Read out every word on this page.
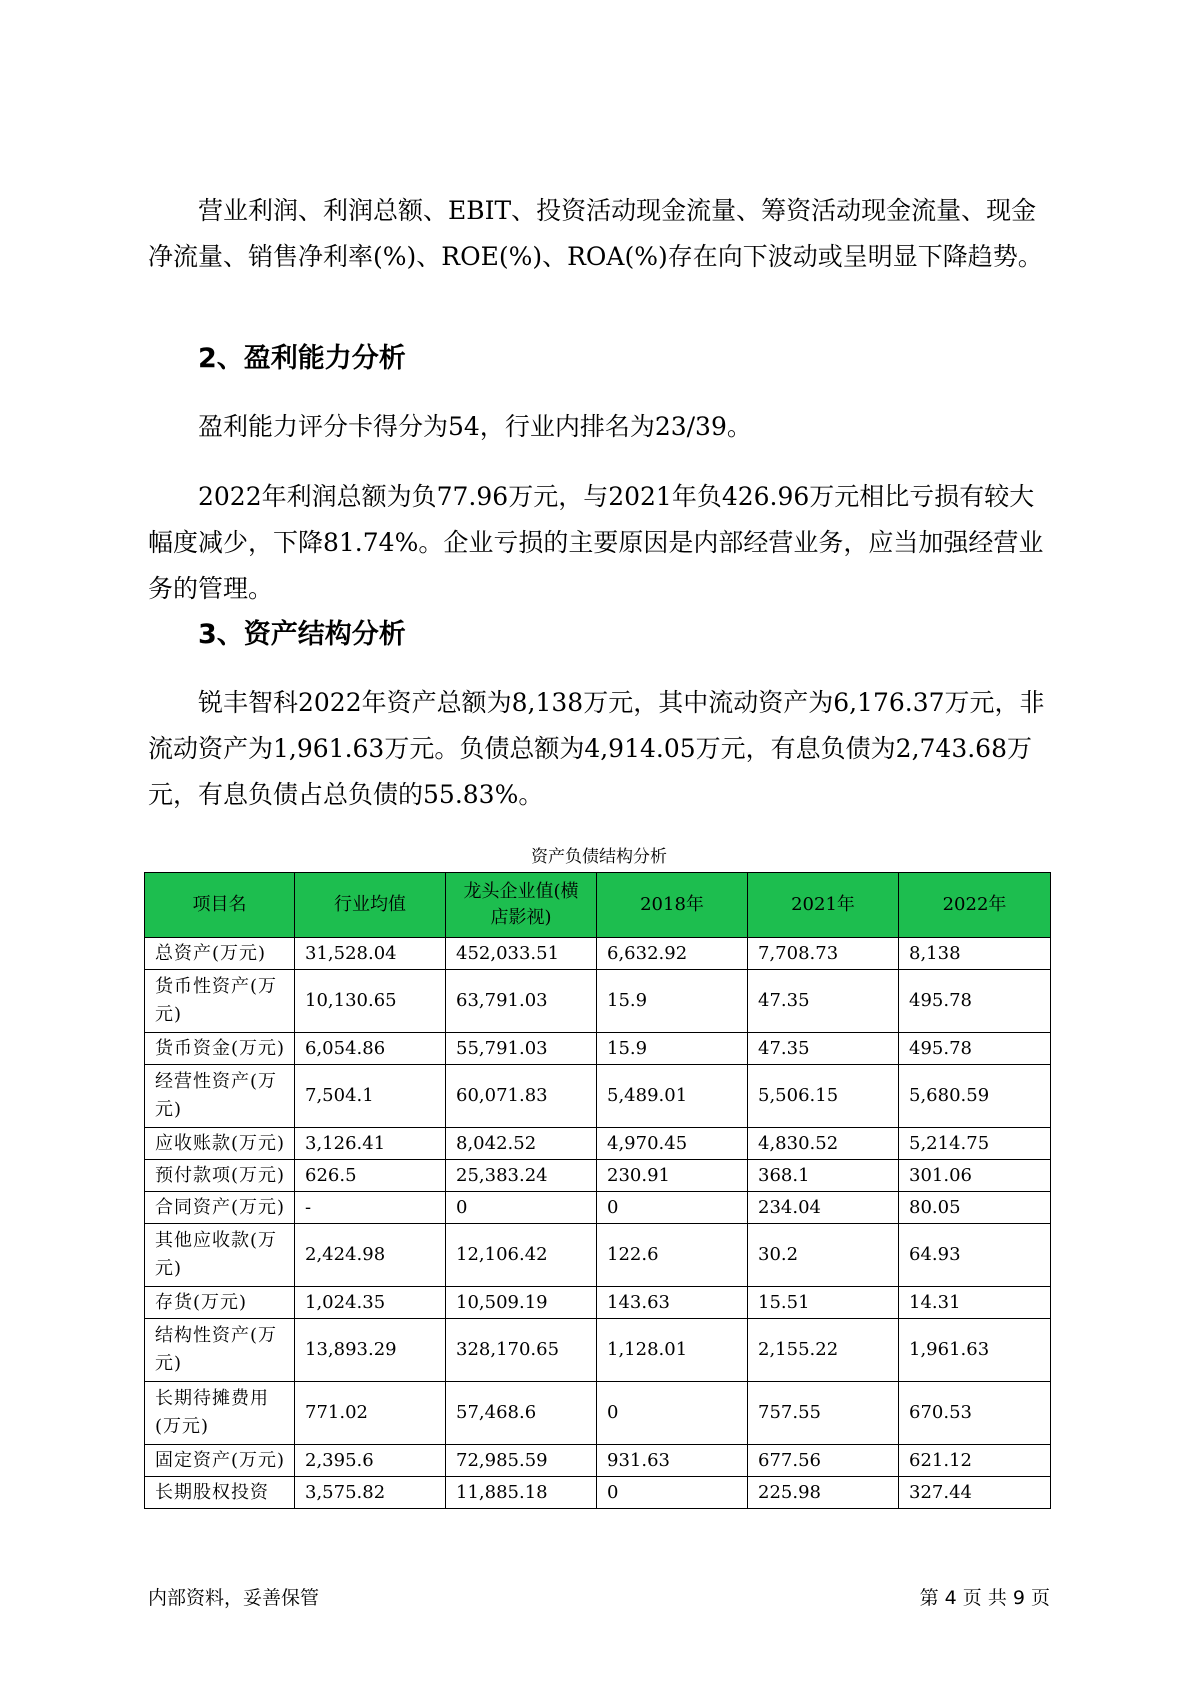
营业利润、利润总额、EBIT、投资活动现金流量、筹资活动现金流量、现金净流量、销售净利率(%)、ROE(%)、ROA(%)存在向下波动或呈明显下降趋势。

2、盈利能力分析

盈利能力评分卡得分为54，行业内排名为23/39。

2022年利润总额为负77.96万元，与2021年负426.96万元相比亏损有较大幅度减少，下降81.74%。企业亏损的主要原因是内部经营业务，应当加强经营业务的管理。

3、资产结构分析

锐丰智科2022年资产总额为8,138万元，其中流动资产为6,176.37万元，非流动资产为1,961.63万元。负债总额为4,914.05万元，有息负债为2,743.68万元，有息负债占总负债的55.83%。

资产负债结构分析
项目名	行业均值	龙头企业值(横店影视)	2018年	2021年	2022年
总资产(万元)	31,528.04	452,033.51	6,632.92	7,708.73	8,138
货币性资产(万元)	10,130.65	63,791.03	15.9	47.35	495.78
货币资金(万元)	6,054.86	55,791.03	15.9	47.35	495.78
经营性资产(万元)	7,504.1	60,071.83	5,489.01	5,506.15	5,680.59
应收账款(万元)	3,126.41	8,042.52	4,970.45	4,830.52	5,214.75
预付款项(万元)	626.5	25,383.24	230.91	368.1	301.06
合同资产(万元)	-	0	0	234.04	80.05
其他应收款(万元)	2,424.98	12,106.42	122.6	30.2	64.93
存货(万元)	1,024.35	10,509.19	143.63	15.51	14.31
结构性资产(万元)	13,893.29	328,170.65	1,128.01	2,155.22	1,961.63
长期待摊费用(万元)	771.02	57,468.6	0	757.55	670.53
固定资产(万元)	2,395.6	72,985.59	931.63	677.56	621.12
长期股权投资	3,575.82	11,885.18	0	225.98	327.44
内部资料，妥善保管	第 4 页 共 9 页
